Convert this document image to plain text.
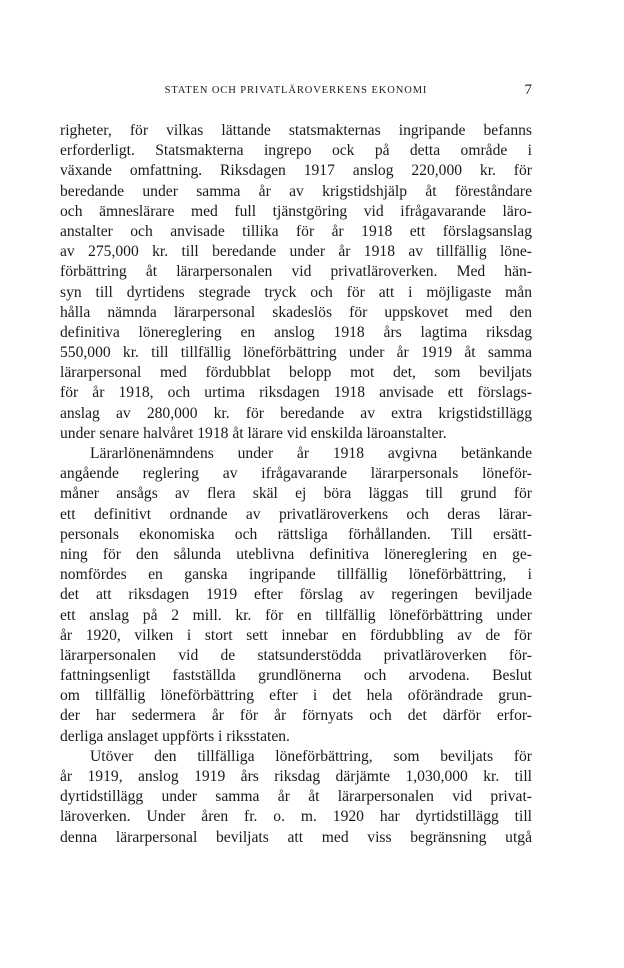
STATEN OCH PRIVATLÄROVERKENS EKONOMI	7

righeter, för vilkas lättande statsmakternas ingripande befanns
erforderligt. Statsmakterna ingrepo ock på detta område i
växande omfattning. Riksdagen 1917 anslog 220,000 kr. för
beredande under samma år av krigstidshjälp åt föreståndare
och ämneslärare med full tjänstgöring vid ifrågavarande läro-
anstalter och anvisade tillika för år 1918 ett förslagsanslag
av 275,000 kr. till beredande under år 1918 av tillfällig löne-
förbättring åt lärarpersonalen vid privatläroverken. Med hän-
syn till dyrtidens stegrade tryck och för att i möjligaste mån
hålla nämnda lärarpersonal skadeslös för uppskovet med den
definitiva lönereglering en anslog 1918 års lagtima riksdag
550,000 kr. till tillfällig löneförbättring under år 1919 åt samma
lärarpersonal med fördubblat belopp mot det, som beviljats
för år 1918, och urtima riksdagen 1918 anvisade ett förslags-
anslag av 280,000 kr. för beredande av extra krigstidstillägg
under senare halvåret 1918 åt lärare vid enskilda läroanstalter.

Lärarlönenämndens under år 1918 avgivna betänkande
angående reglering av ifrågavarande lärarpersonals löneför-
måner ansågs av flera skäl ej böra läggas till grund för
ett definitivt ordnande av privatläroverkens och deras lärar-
personals ekonomiska och rättsliga förhållanden. Till ersätt-
ning för den sålunda uteblivna definitiva lönereglering en ge-
nomfördes en ganska ingripande tillfällig löneförbättring, i
det att riksdagen 1919 efter förslag av regeringen beviljade
ett anslag på 2 mill. kr. för en tillfällig löneförbättring under
år 1920, vilken i stort sett innebar en fördubbling av de för
lärarpersonalen vid de statsunderstödda privatläroverken för-
fattningsenligt fastställda grundlönerna och arvodena. Beslut
om tillfällig löneförbättring efter i det hela oförändrade grun-
der har sedermera år för år förnyats och det därför erfor-
derliga anslaget uppförts i riksstaten.

Utöver den tillfälliga löneförbättring, som beviljats för
år 1919, anslog 1919 års riksdag därjämte 1,030,000 kr. till
dyrtidstillägg under samma år åt lärarpersonalen vid privat-
läroverken. Under åren fr. o. m. 1920 har dyrtidstillägg till
denna lärarpersonal beviljats att med viss begränsning utgå
